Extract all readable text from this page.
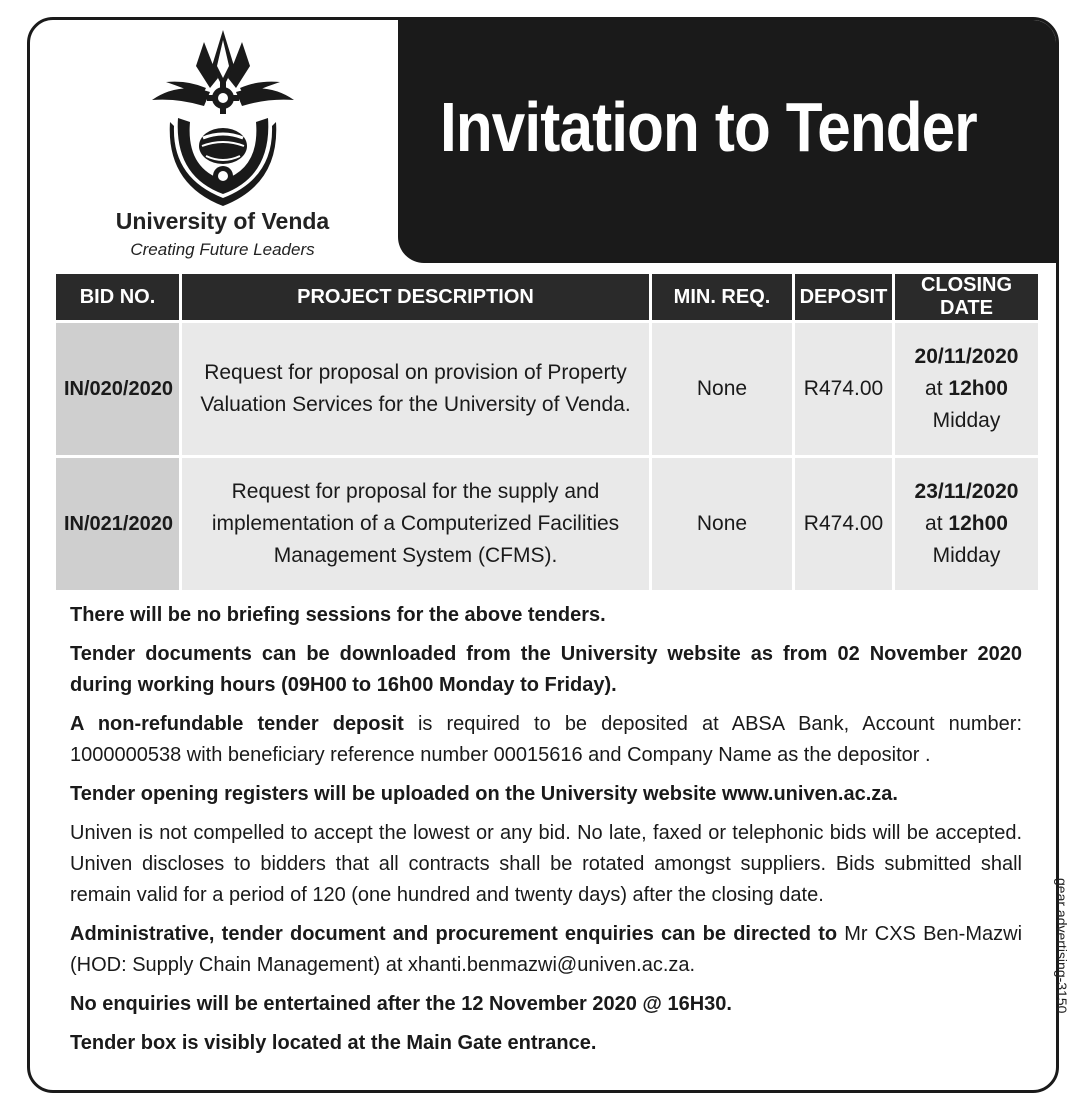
University of Venda
Creating Future Leaders
Invitation to Tender
BID NO.	PROJECT DESCRIPTION	MIN. REQ.	DEPOSIT	CLOSING DATE
IN/020/2020	Request for proposal on provision of Property Valuation Services for the University of Venda.	None	R474.00	20/11/2020
at 12h00
Midday

IN/021/2020	Request for proposal for the supply and implementation of a Computerized Facilities Management System (CFMS).	None	R474.00	23/11/2020
at 12h00
Midday

There will be no briefing sessions for the above tenders.

Tender documents can be downloaded from the University website as from 02 November 2020 during working hours (09H00 to 16h00 Monday to Friday).

A non-refundable tender deposit is required to be deposited at ABSA Bank, Account number: 1000000538 with beneficiary reference number 00015616 and Company Name as the depositor .

Tender opening registers will be uploaded on the University website www.univen.ac.za.

Univen is not compelled to accept the lowest or any bid. No late, faxed or telephonic bids will be accepted. Univen discloses to bidders that all contracts shall be rotated amongst suppliers. Bids submitted shall remain valid for a period of 120 (one hundred and twenty days) after the closing date.

Administrative, tender document and procurement enquiries can be directed to Mr CXS Ben-Mazwi (HOD: Supply Chain Management) at xhanti.benmazwi@univen.ac.za.

No enquiries will be entertained after the 12 November 2020 @ 16H30.

Tender box is visibly located at the Main Gate entrance.

gear advertising-3150
